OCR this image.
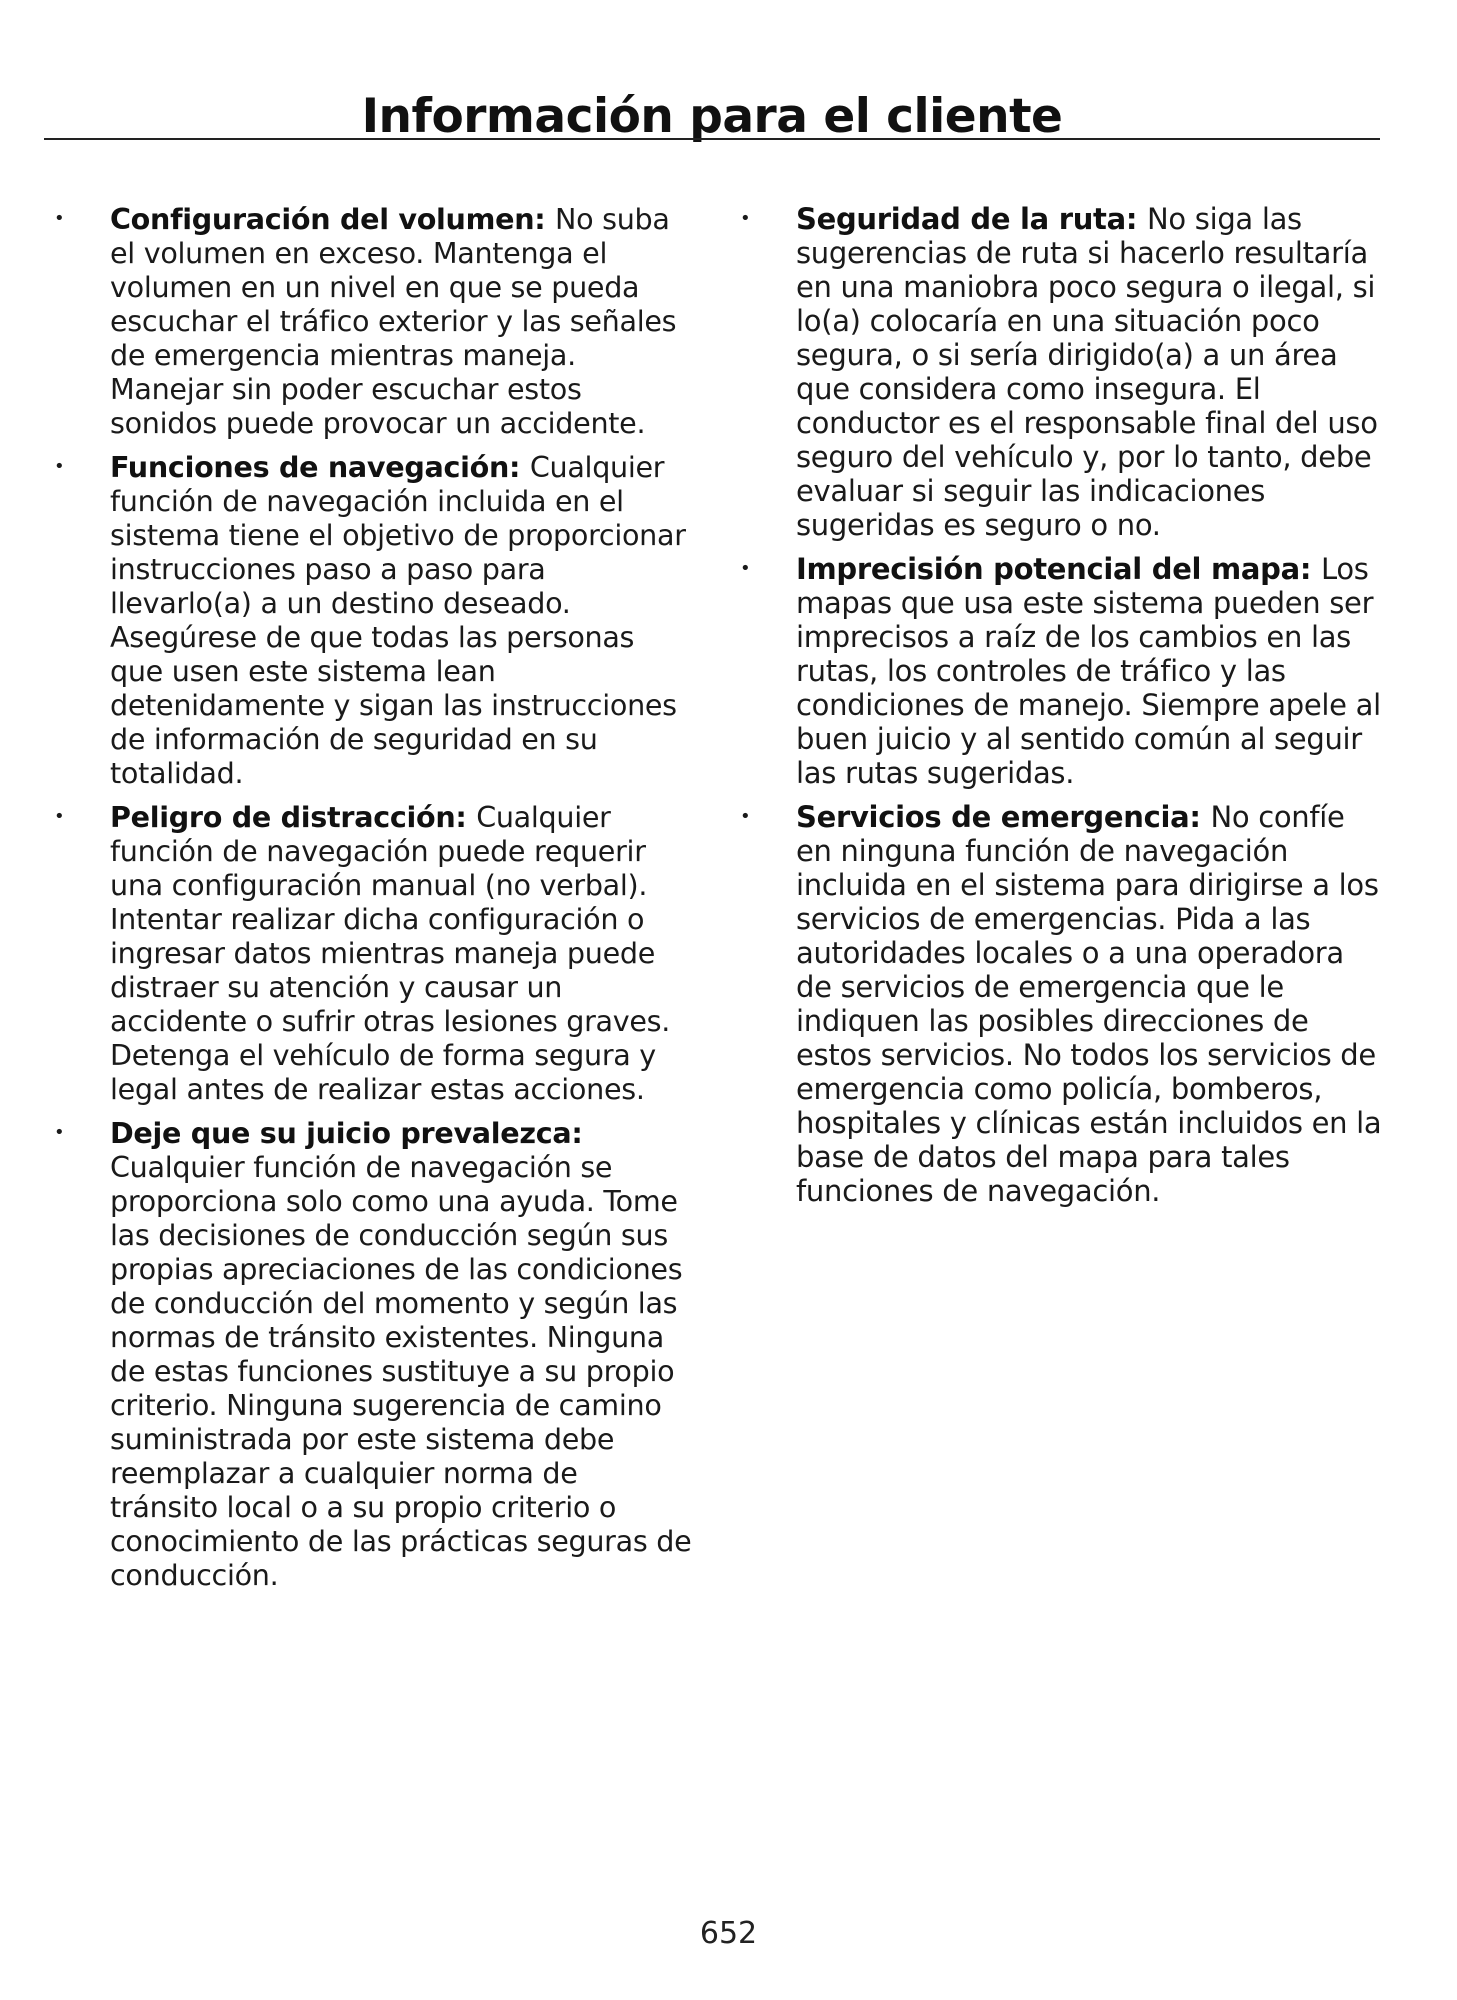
Información para el cliente
• Configuración del volumen: No suba el volumen en exceso. Mantenga el volumen en un nivel en que se pueda escuchar el tráfico exterior y las señales de emergencia mientras maneja. Manejar sin poder escuchar estos sonidos puede provocar un accidente.
• Funciones de navegación: Cualquier función de navegación incluida en el sistema tiene el objetivo de proporcionar instrucciones paso a paso para llevarlo(a) a un destino deseado. Asegúrese de que todas las personas que usen este sistema lean detenidamente y sigan las instrucciones de información de seguridad en su totalidad.
• Peligro de distracción: Cualquier función de navegación puede requerir una configuración manual (no verbal). Intentar realizar dicha configuración o ingresar datos mientras maneja puede distraer su atención y causar un accidente o sufrir otras lesiones graves. Detenga el vehículo de forma segura y legal antes de realizar estas acciones.
• Deje que su juicio prevalezca: Cualquier función de navegación se proporciona solo como una ayuda. Tome las decisiones de conducción según sus propias apreciaciones de las condiciones de conducción del momento y según las normas de tránsito existentes. Ninguna de estas funciones sustituye a su propio criterio. Ninguna sugerencia de camino suministrada por este sistema debe reemplazar a cualquier norma de tránsito local o a su propio criterio o conocimiento de las prácticas seguras de conducción.
• Seguridad de la ruta: No siga las sugerencias de ruta si hacerlo resultaría en una maniobra poco segura o ilegal, si lo(a) colocaría en una situación poco segura, o si sería dirigido(a) a un área que considera como insegura. El conductor es el responsable final del uso seguro del vehículo y, por lo tanto, debe evaluar si seguir las indicaciones sugeridas es seguro o no.
• Imprecisión potencial del mapa: Los mapas que usa este sistema pueden ser imprecisos a raíz de los cambios en las rutas, los controles de tráfico y las condiciones de manejo. Siempre apele al buen juicio y al sentido común al seguir las rutas sugeridas.
• Servicios de emergencia: No confíe en ninguna función de navegación incluida en el sistema para dirigirse a los servicios de emergencias. Pida a las autoridades locales o a una operadora de servicios de emergencia que le indiquen las posibles direcciones de estos servicios. No todos los servicios de emergencia como policía, bomberos, hospitales y clínicas están incluidos en la base de datos del mapa para tales funciones de navegación.
652
